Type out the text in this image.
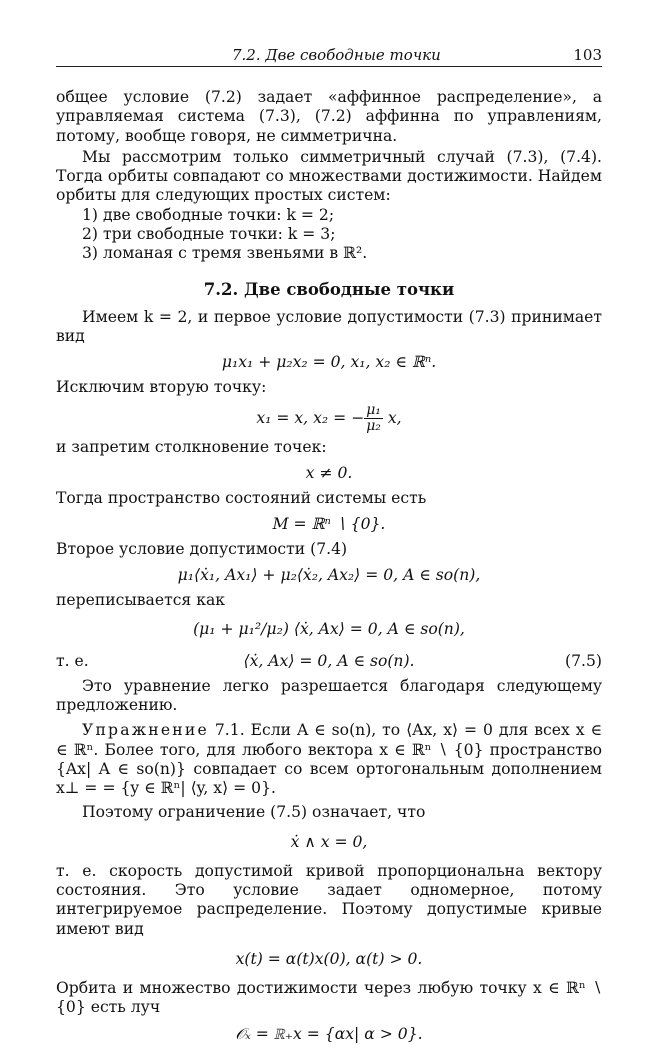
7.2. Две свободные точки	103

общее условие (7.2) задает «аффинное распределение», а управляемая система (7.3), (7.2) аффинна по управлениям, потому, вообще говоря, не симметрична.

Мы рассмотрим только симметричный случай (7.3), (7.4). Тогда орбиты совпадают со множествами достижимости. Найдем орбиты для следующих простых систем:

1) две свободные точки: k = 2;
2) три свободные точки: k = 3;
3) ломаная с тремя звеньями в ℝ².
7.2. Две свободные точки

Имеем k = 2, и первое условие допустимости (7.3) принимает вид

μ₁x₁ + μ₂x₂ = 0, x₁, x₂ ∈ ℝⁿ.

Исключим вторую точку:

x₁ = x, x₂ = − $\frac{\text{μ₁}}{\text{μ₂}} x$,

и запретим столкновение точек:

x ≠ 0.

Тогда пространство состояний системы есть

M = ℝⁿ ∖ {0}.

Второе условие допустимости (7.4)

μ₁⟨ẋ₁, Ax₁⟩ + μ₂⟨ẋ₂, Ax₂⟩ = 0, A ∈ so(n),

переписывается как

(μ₁ + μ₁²/μ₂) ⟨ẋ, Ax⟩ = 0, A ∈ so(n),
т. е.	⟨ẋ, Ax⟩ = 0, A ∈ so(n).	(7.5)

Это уравнение легко разрешается благодаря следующему предложению.

Упражнение 7.1. Если A ∈ so(n), то ⟨Ax, x⟩ = 0 для всех x ∈ ∈ ℝⁿ. Более того, для любого вектора x ∈ ℝⁿ ∖ {0} пространство {Ax| A ∈ so(n)} совпадает со всем ортогональным дополнением x⊥ = = {y ∈ ℝⁿ| ⟨y, x⟩ = 0}.

Поэтому ограничение (7.5) означает, что

ẋ ∧ x = 0,

т. е. скорость допустимой кривой пропорциональна вектору состояния. Это условие задает одномерное, потому интегрируемое распределение. Поэтому допустимые кривые имеют вид

x(t) = α(t)x(0), α(t) > 0.

Орбита и множество достижимости через любую точку x ∈ ℝⁿ ∖ {0} есть луч

𝒪ₓ = ℝ₊x = {αx| α > 0}.
